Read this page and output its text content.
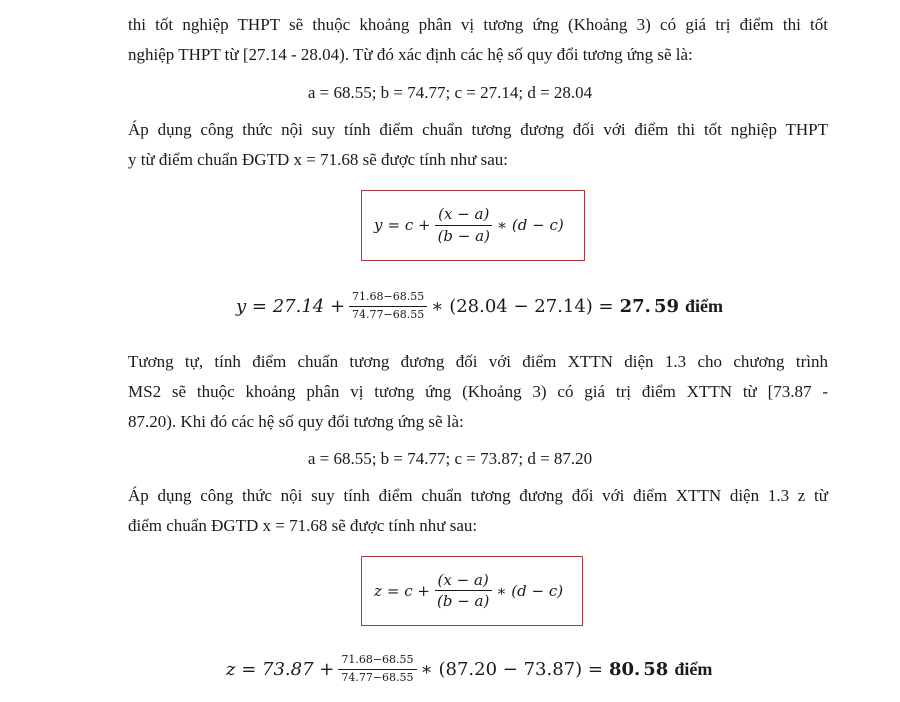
thi tốt nghiệp THPT sẽ thuộc khoảng phân vị tương ứng (Khoảng 3) có giá trị điểm thi tốt
nghiệp THPT từ [27.14 - 28.04). Từ đó xác định các hệ số quy đổi tương ứng sẽ là:

a = 68.55; b = 74.77; c = 27.14; d = 28.04

Áp dụng công thức nội suy tính điểm chuẩn tương đương đối với điểm thi tốt nghiệp THPT
y từ điểm chuẩn ĐGTD x = 71.68 sẽ được tính như sau:
$y = c + \frac{(x - a)}{(b - a)}$ ∗ (d − c)
$y = 27.14 + \frac{71.68-68.55}{74.77-68.55}$ ∗ (28.04 − 27.14) = 27. 59 điểm
Tương tự, tính điểm chuẩn tương đương đối với điểm XTTN diện 1.3 cho chương trình
MS2 sẽ thuộc khoảng phân vị tương ứng (Khoảng 3) có giá trị điểm XTTN từ [73.87 -
87.20). Khi đó các hệ số quy đổi tương ứng sẽ là:

a = 68.55; b = 74.77; c = 73.87; d = 87.20

Áp dụng công thức nội suy tính điểm chuẩn tương đương đối với điểm XTTN diện 1.3 z từ
điểm chuẩn ĐGTD x = 71.68 sẽ được tính như sau:
$z = c + \frac{(x - a)}{(b - a)}$ ∗ (d − c)
$z = 73.87 + \frac{71.68-68.55}{74.77-68.55}$ ∗ (87.20 − 73.87) = 80. 58 điểm
